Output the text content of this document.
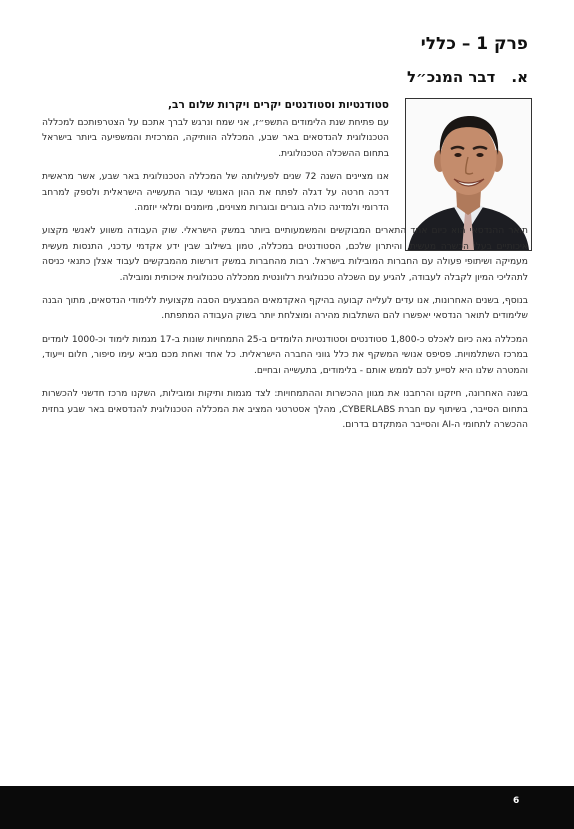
פרק 1 – כללי
א.דבר המנכ״ל
סטודנטיות וסטודנטים יקרים ויקרות שלום רב,

עם פתיחת שנת הלימודים התשפ״ז, אני שמח ונרגש לברך אתכם על הצטרפותכם למכללה הטכנולוגית להנדסאים באר שבע, המכללה הוותיקה, המרכזית והמשפיעה ביותר בישראל בתחום ההשכלה הטכנולוגית.

אנו מציינים השנה 72 שנים לפעילותה של המכללה הטכנולוגית באר שבע, אשר מראשית דרכה חרטה על דגלה לפתח את ההון האנושי עבור התעשייה הישראלית ולספק למרחב הדרומי ולמדינה כולה בוגרים ובוגרות מצוינים, מיומנים ומלאי יוזמה.

תואר ההנדסאי הוא כיום אחד התארים המבוקשים והמשמעותיים ביותר במשק הישראלי. שוק העבודה משווע לאנשי מקצוע איכותיים בעלי הכשרה מעשית, והיתרון שלכם, הסטודנטים במכללה, טמון בשילוב שבין ידע אקדמי עדכני, התנסות מעשית מעמיקה ושיתופי פעולה עם החברות המובילות בישראל. רבות מהחברות במשק דורשות מהמבקשים לעבוד אצלן כתנאי כניסה לתהליכי המיון לקבלה לעבודה, להגיע עם השכלה טכנולוגית רלוונטית ממכללה טכנולוגית איכותית ומובילה.

בנוסף, בשנים האחרונות, אנו עדים לעלייה קבועה בהיקף האקדמאים המבצעים הסבה מקצועית ללימודי הנדסאים, מתוך הבנה שלימודים לתואר הנדסאי יאפשרו להם השתלבות מהירה ומוצלחת יותר בשוק העבודה המתפתח.

המכללה גאה כיום לאכלס כ-1,800 סטודנטים וסטודנטיות הלומדים ב-25 התמחויות שונות ב-17 מגמות לימוד וכ-1000 לומדים במרכז השתלמויות. פסיפס אנושי המשקף את כלל גווני החברה הישראלית. כל אחד ואחת מכם מביא עימו סיפור, חלום וייעוד, והמטרה שלנו היא לסייע לכם לממש אותם - בלימודים, בתעשייה ובחיים.

בשנה האחרונה, חיזקנו והרחבנו את מגוון ההכשרות וההתמחויות: לצד מגמות ותיקות ומובילות, השקנו מרכז חדשני להכשרות בתחום הסייבר, בשיתוף עם חברת CYBERLABS, מהלך אסטרטגי המציב את המכללה הטכנולוגית להנדסאים באר שבע בחזית ההכשרה לתחומי ה-AI והסייבר המתקדם בדרום.

6
